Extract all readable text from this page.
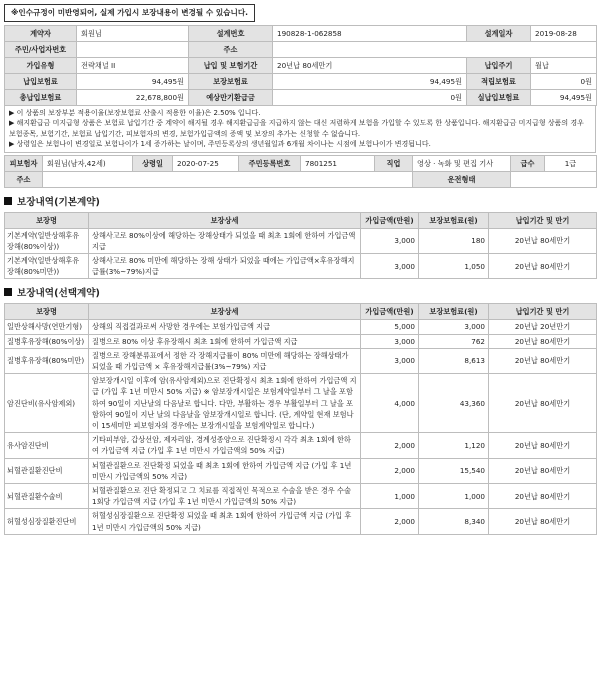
※인수규정이 미반영되어, 실제 가입시 보장내용이 변경될 수 있습니다.
계약자	회원님	설계번호	190828-1-062858	설계일자	2019-08-28
주민/사업자번호		주소			
가입유형	전략채널 II	납입 및 보험기간	20년납 80세만기	납입주기	월납
납입보험료	94,495원	보장보험료	94,495원	적립보험료	0원
총납입보험료	22,678,800원	예상만기환급금	0원	실납입보험료	94,495원

▶ 이 상품의 보장부분 적용이율(보장보험료 산출시 적용한 이율)은 2.50% 입니다.

▶ 해지환급금 미지급형 상품은 보험료 납입기간 중 계약이 해지될 경우 해지환급금을 지급하지 않는 대신 저렴하게 보험을 가입할 수 있도록 한 상품입니다. 해지환급금 미지급형 상품의 경우 보험종목, 보험기간, 보험료 납입기간, 피보험자의 변경, 보험가입금액의 증액 및 보장의 추가는 신청할 수 없습니다.

▶ 상령일은 보험나이 변경일로 보험나이가 1세 증가하는 날이며, 주민등록상의 생년월일과 6개월 차이나는 시점에 보험나이가 변경됩니다.

피보험자	회원님(남자,42세)	상령일	2020-07-25	주민등록번호	7801251	직업	영상 · 녹화 및 편집 기사	급수	1급
주소							운전형태		
보장내역(기본계약)
보장명	보장상세	가입금액(만원)	보장보험료(원)	납입기간 및 만기
기본계약(일반상해후유장해(80%이상))	상해사고로 80%이상에 해당하는 장해상태가 되었을 때 최초 1회에 한하여 가입금액 지급	3,000	180	20년납 80세만기
기본계약(일반상해후유장해(80%미만))	상해사고로 80% 미만에 해당하는 장해 상태가 되었을 때에는 가입금액×후유장해지급률(3%~79%)지급	3,000	1,050	20년납 80세만기
보장내역(선택계약)
보장명	보장상세	가입금액(만원)	보장보험료(원)	납입기간 및 만기
일반상해사망(연만기형)	상해의 직접결과로써 사망한 경우에는 보험가입금액 지급	5,000	3,000	20년납 20년만기
질병후유장해(80%이상)	질병으로 80% 이상 후유장해시 최초 1회에 한하여 가입금액 지급	3,000	762	20년납 80세만기
질병후유장해(80%미만)	질병으로 장해분류표에서 정한 각 장해지급률이 80% 미만에 해당하는 장해상태가 되었을 때 가입금액 × 후유장해지급률(3%~79%) 지급	3,000	8,613	20년납 80세만기
암진단비(유사암제외)	암보장개시일 이후에 암(유사암제외)으로 진단확정시 최초 1회에 한하여 가입금액 지급 (가입 후 1년 미만시 50% 지급) ※ 암보장개시일은 보험계약일부터 그 날을 포함하여 90일이 지난날의 다음날로 합니다. 다만, 부활하는 경우 부활일부터 그 날을 포함하여 90일이 지난 날의 다음날을 암보장개시일로 합니다. (단, 계약일 현재 보험나이 15세미만 피보험자의 경우에는 보장개시일을 보험계약일로 합니다.)	4,000	43,360	20년납 80세만기
유사암진단비	기타피부암, 갑상선암, 제자리암, 경계성종양으로 진단확정시 각각 최초 1회에 한하여 가입금액 지급 (가입 후 1년 미만시 가입금액의 50% 지급)	2,000	1,120	20년납 80세만기
뇌혈관질환진단비	뇌혈관질환으로 진단확정 되었을 때 최초 1회에 한하여 가입금액 지급 (가입 후 1년 미만시 가입금액의 50% 지급)	2,000	15,540	20년납 80세만기
뇌혈관질환수술비	뇌혈관질환으로 진단 확정되고 그 치료를 직접적인 목적으로 수술을 받은 경우 수술 1회당 가입금액 지급 (가입 후 1년 미만시 가입금액의 50% 지급)	1,000	1,000	20년납 80세만기
허혈성심장질환진단비	허혈성심장질환으로 진단확정 되었을 때 최초 1회에 한하여 가입금액 지급 (가입 후 1년 미만시 가입금액의 50% 지급)	2,000	8,340	20년납 80세만기
